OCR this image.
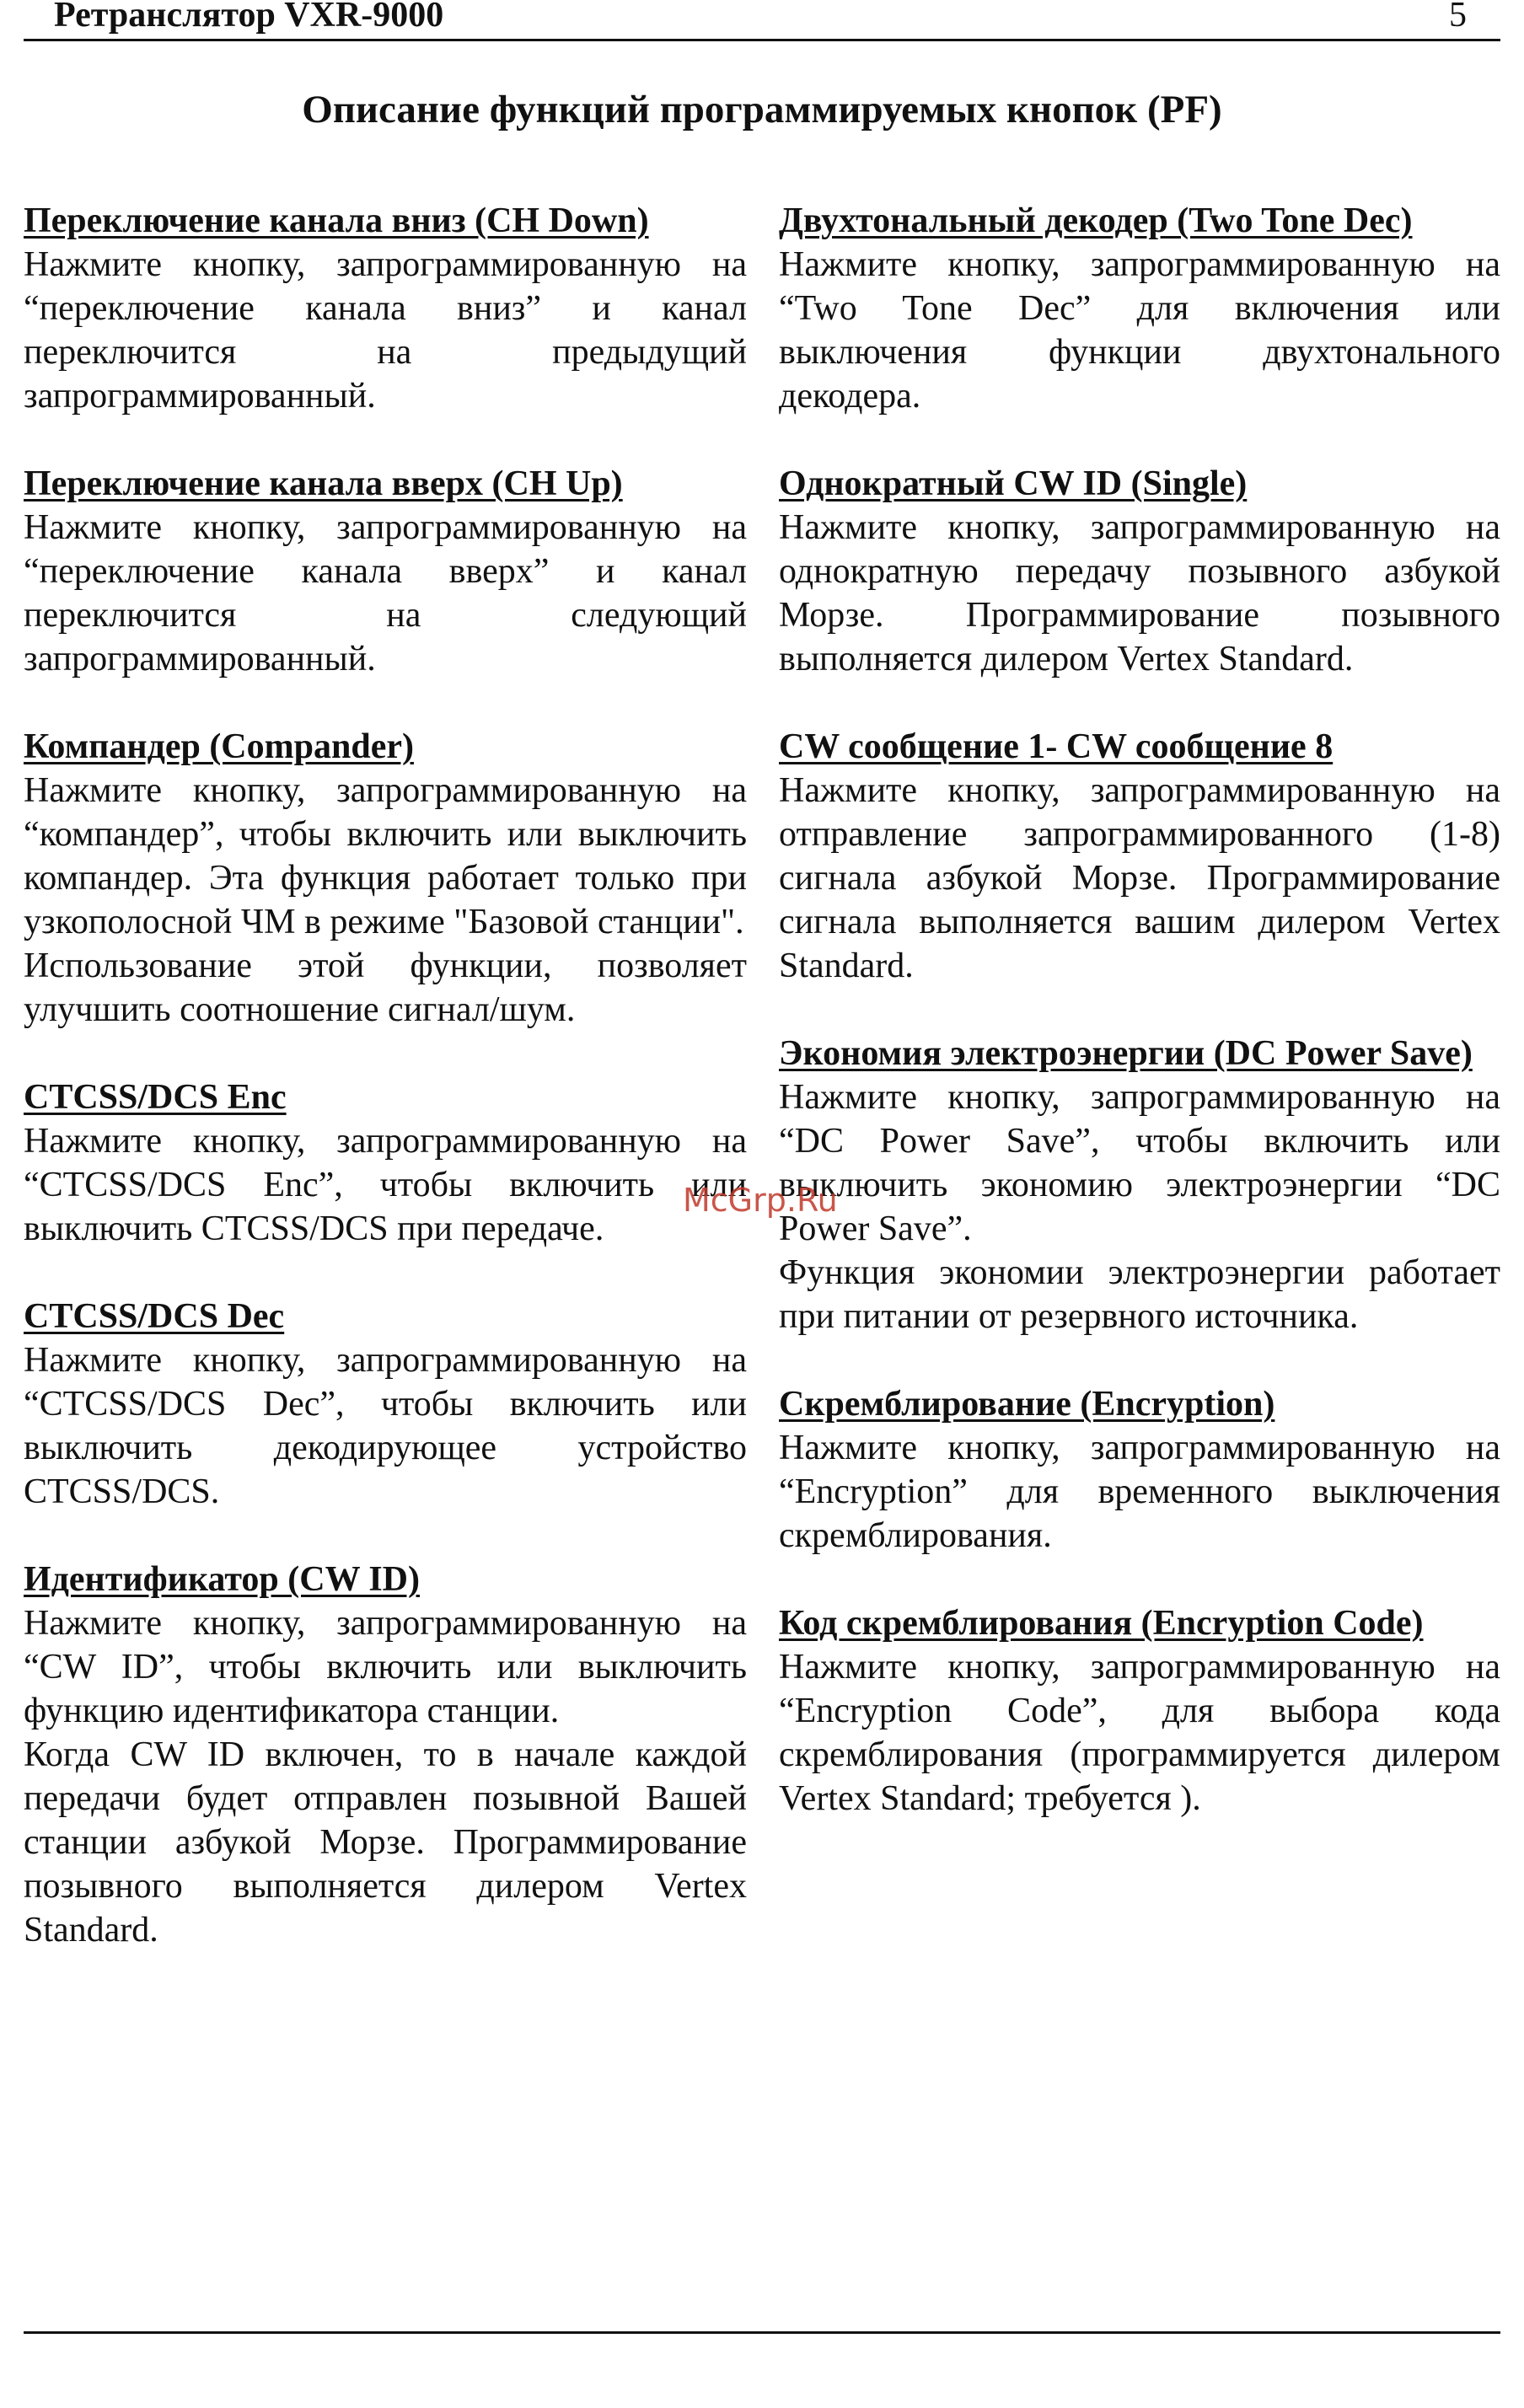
Ретранслятор VXR-9000	5
Описание функций программируемых кнопок (PF)
Переключение канала вниз (CH Down)

Нажмите кнопку, запрограммированную на “переключение канала вниз” и канал переключится на предыдущий запрограммированный.

Переключение канала вверх (CH Up)

Нажмите кнопку, запрограммированную на “переключение канала вверх” и канал переключится на следующий запрограммированный.

Компандер (Compander)

Нажмите кнопку, запрограммированную на “компандер”, чтобы включить или выключить компандер. Эта функция работает только при узкополосной ЧМ в режиме "Базовой станции".

Использование этой функции, позволяет улучшить соотношение сигнал/шум.

CTCSS/DCS Enc

Нажмите кнопку, запрограммированную на “CTCSS/DCS Enc”, чтобы включить или выключить CTCSS/DCS при передаче.

CTCSS/DCS Dec

Нажмите кнопку, запрограммированную на “CTCSS/DCS Dec”, чтобы включить или выключить декодирующее устройство CTCSS/DCS.

Идентификатор (CW ID)

Нажмите кнопку, запрограммированную на “CW ID”, чтобы включить или выключить функцию идентификатора станции.

Когда CW ID включен, то в начале каждой передачи будет отправлен позывной Вашей станции азбукой Морзе. Программирование позывного выполняется дилером Vertex Standard.

Двухтональный декодер (Two Tone Dec)

Нажмите кнопку, запрограммированную на “Two Tone Dec” для включения или выключения функции двухтонального декодера.

Однократный CW ID (Single)

Нажмите кнопку, запрограммированную на однократную передачу позывного азбукой Морзе. Программирование позывного выполняется дилером Vertex Standard.

CW сообщение 1- CW сообщение 8

Нажмите кнопку, запрограммированную на отправление запрограммированного (1-8) сигнала азбукой Морзе. Программирование сигнала выполняется вашим дилером Vertex Standard.

Экономия электроэнергии (DC Power Save)

Нажмите кнопку, запрограммированную на “DC Power Save”, чтобы включить или выключить экономию электроэнергии “DC Power Save”.

Функция экономии электроэнергии работает при питании от резервного источника.

Скремблирование (Encryption)

Нажмите кнопку, запрограммированную на “Encryption” для временного выключения скремблирования.

Код скремблирования (Encryption Code)

Нажмите кнопку, запрограммированную на “Encryption Code”, для выбора кода скремблирования (программируется дилером Vertex Standard; требуется ).

McGrp.Ru
